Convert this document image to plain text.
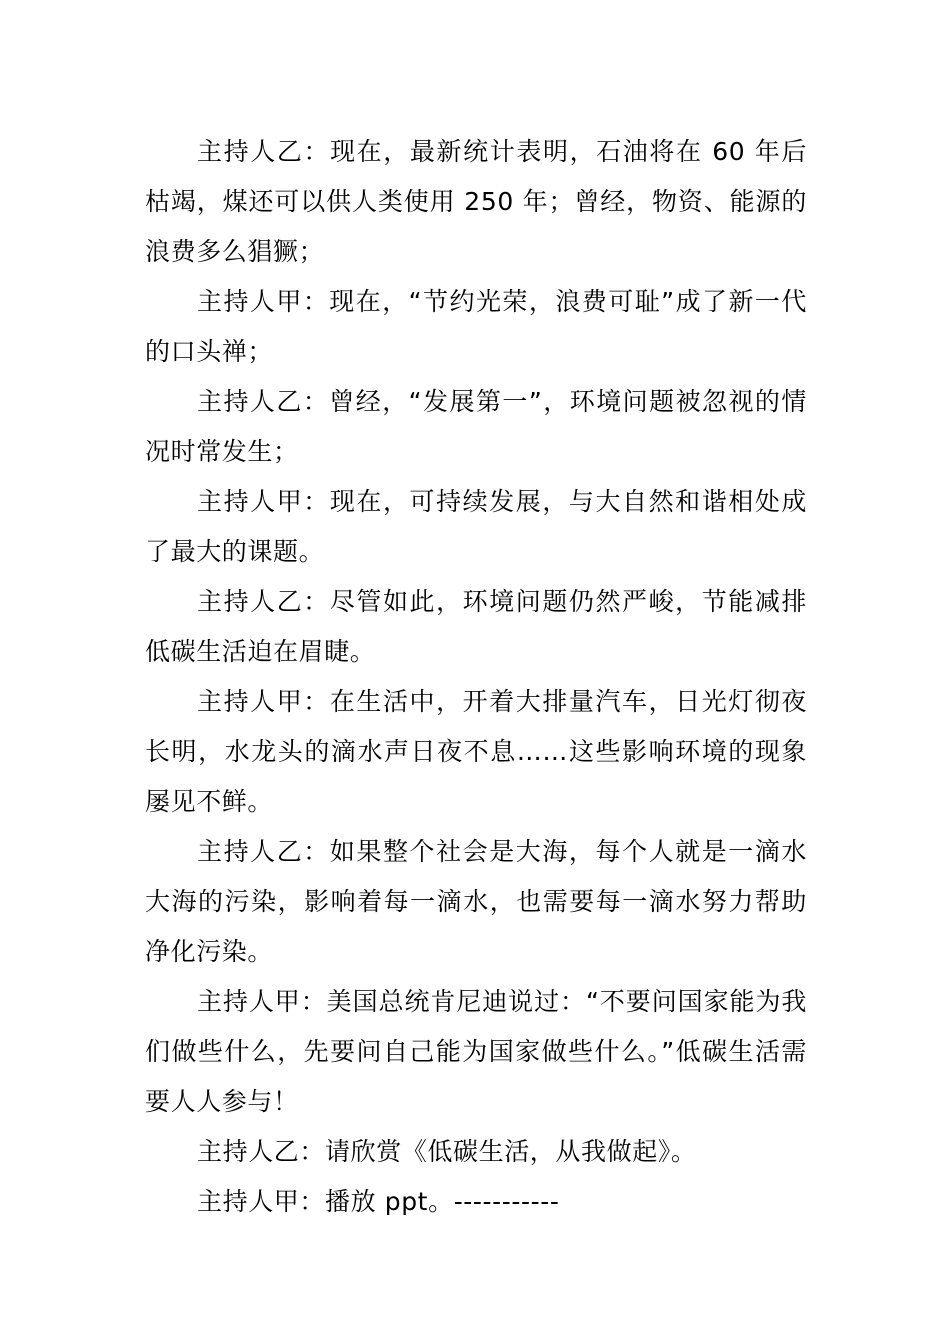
主持人乙：现在，最新统计表明，石油将在 60 年后枯竭，煤还可以供人类使用 250 年；曾经，物资、能源的浪费多么猖獗；

主持人甲：现在，“节约光荣，浪费可耻”成了新一代的口头禅；

主持人乙：曾经，“发展第一”，环境问题被忽视的情况时常发生；

主持人甲：现在，可持续发展，与大自然和谐相处成了最大的课题。

主持人乙：尽管如此，环境问题仍然严峻，节能减排低碳生活迫在眉睫。

主持人甲：在生活中，开着大排量汽车，日光灯彻夜长明，水龙头的滴水声日夜不息……这些影响环境的现象屡见不鲜。

主持人乙：如果整个社会是大海，每个人就是一滴水大海的污染，影响着每一滴水，也需要每一滴水努力帮助净化污染。

主持人甲：美国总统肯尼迪说过：“不要问国家能为我们做些什么，先要问自己能为国家做些什么。”低碳生活需要人人参与！

主持人乙：请欣赏《低碳生活，从我做起》。

主持人甲：播放 ppt。-----------
